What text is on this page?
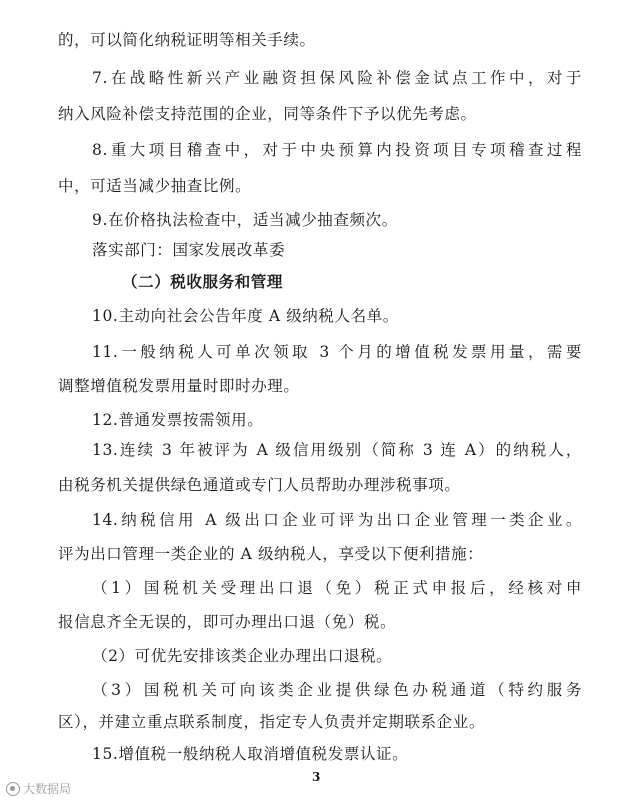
的，可以简化纳税证明等相关手续。
7.在战略性新兴产业融资担保风险补偿金试点工作中，对于
纳入风险补偿支持范围的企业，同等条件下予以优先考虑。
8.重大项目稽查中，对于中央预算内投资项目专项稽查过程
中，可适当减少抽查比例。
9.在价格执法检查中，适当减少抽查频次。
落实部门：国家发展改革委
（二）税收服务和管理
10.主动向社会公告年度 A 级纳税人名单。
11.一般纳税人可单次领取 3 个月的增值税发票用量，需要
调整增值税发票用量时即时办理。
12.普通发票按需领用。
13.连续 3 年被评为 A 级信用级别（简称 3 连 A）的纳税人，
由税务机关提供绿色通道或专门人员帮助办理涉税事项。
14.纳税信用 A 级出口企业可评为出口企业管理一类企业。
评为出口管理一类企业的 A 级纳税人，享受以下便利措施：
（1）国税机关受理出口退（免）税正式申报后，经核对申
报信息齐全无误的，即可办理出口退（免）税。
（2）可优先安排该类企业办理出口退税。
（3）国税机关可向该类企业提供绿色办税通道（特约服务
区），并建立重点联系制度，指定专人负责并定期联系企业。
15.增值税一般纳税人取消增值税发票认证。
3
大数据局
